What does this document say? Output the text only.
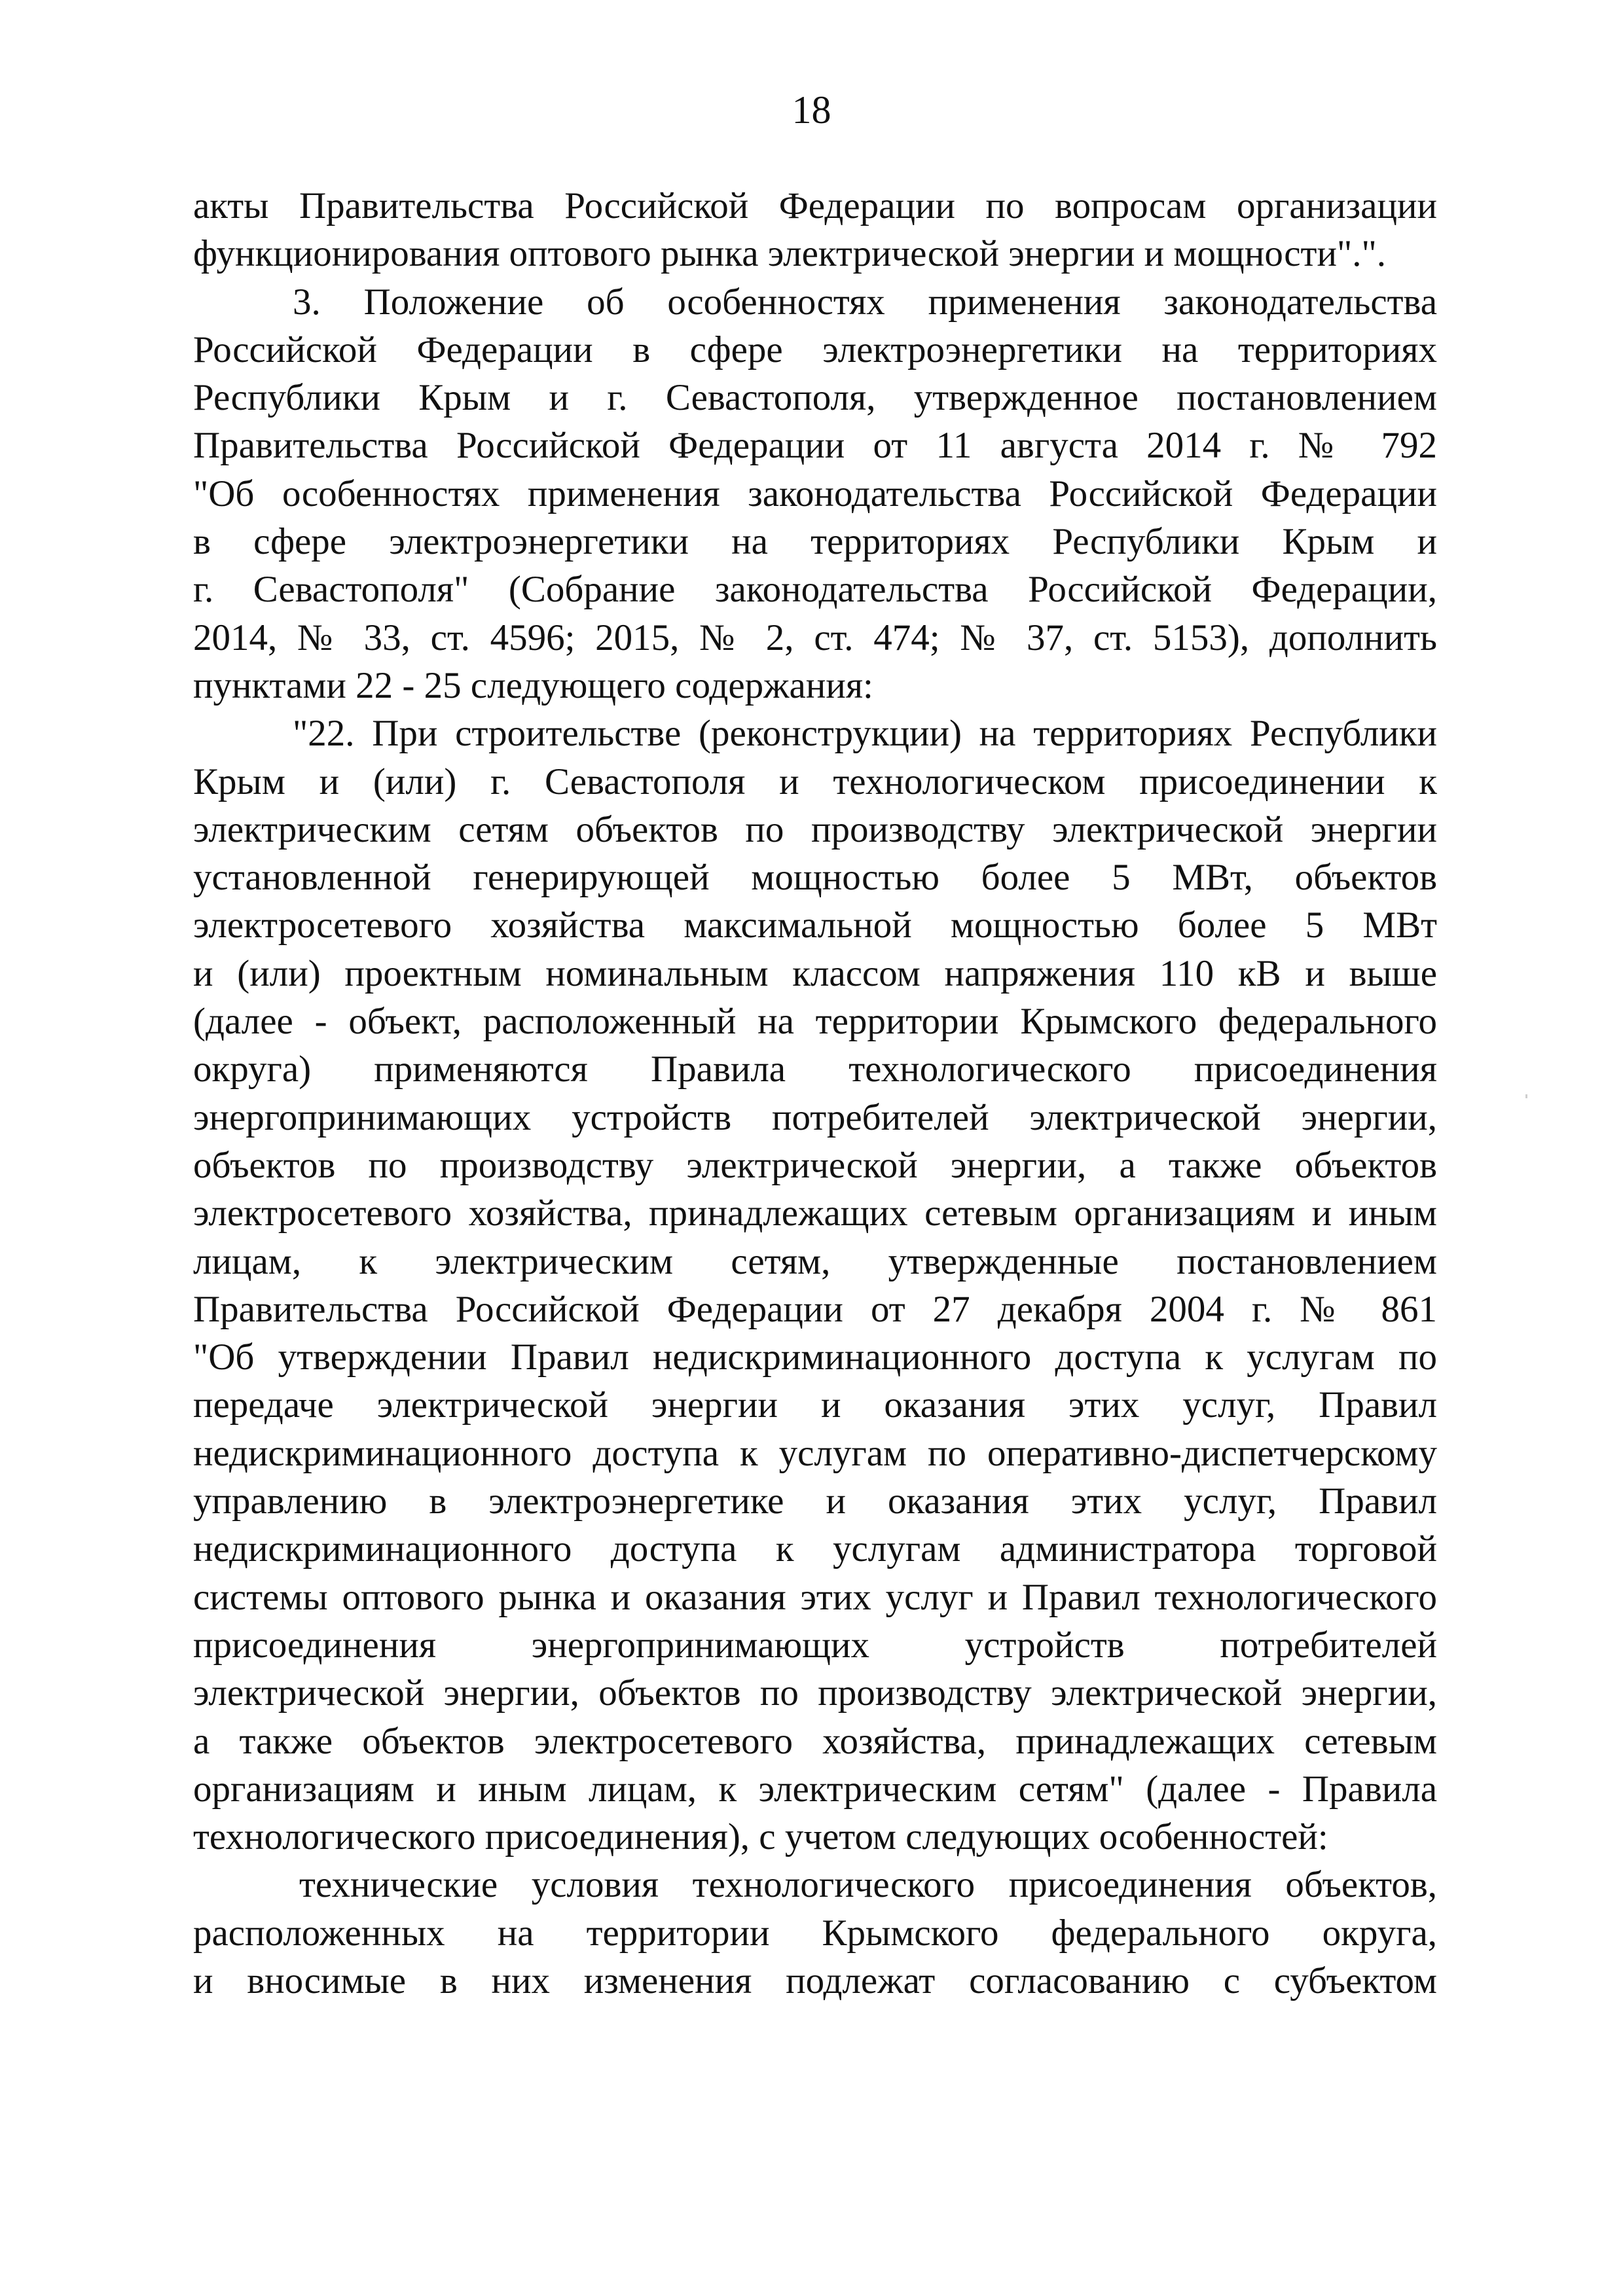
18
акты Правительства Российской Федерации по вопросам организации
функционирования оптового рынка электрической энергии и мощности".".
3. Положение об особенностях применения законодательства
Российской Федерации в сфере электроэнергетики на территориях
Республики Крым и г. Севастополя, утвержденное постановлением
Правительства Российской Федерации от 11 августа 2014 г. № 792
"Об особенностях применения законодательства Российской Федерации
в сфере электроэнергетики на территориях Республики Крым и
г. Севастополя" (Собрание законодательства Российской Федерации,
2014, № 33, ст. 4596; 2015, № 2, ст. 474; № 37, ст. 5153), дополнить
пунктами 22 - 25 следующего содержания:
"22. При строительстве (реконструкции) на территориях Республики
Крым и (или) г. Севастополя и технологическом присоединении к
электрическим сетям объектов по производству электрической энергии
установленной генерирующей мощностью более 5 МВт, объектов
электросетевого хозяйства максимальной мощностью более 5 МВт
и (или) проектным номинальным классом напряжения 110 кВ и выше
(далее - объект, расположенный на территории Крымского федерального
округа) применяются Правила технологического присоединения
энергопринимающих устройств потребителей электрической энергии,
объектов по производству электрической энергии, а также объектов
электросетевого хозяйства, принадлежащих сетевым организациям и иным
лицам, к электрическим сетям, утвержденные постановлением
Правительства Российской Федерации от 27 декабря 2004 г. № 861
"Об утверждении Правил недискриминационного доступа к услугам по
передаче электрической энергии и оказания этих услуг, Правил
недискриминационного доступа к услугам по оперативно-диспетчерскому
управлению в электроэнергетике и оказания этих услуг, Правил
недискриминационного доступа к услугам администратора торговой
системы оптового рынка и оказания этих услуг и Правил технологического
присоединения энергопринимающих устройств потребителей
электрической энергии, объектов по производству электрической энергии,
а также объектов электросетевого хозяйства, принадлежащих сетевым
организациям и иным лицам, к электрическим сетям" (далее - Правила
технологического присоединения), с учетом следующих особенностей:
технические условия технологического присоединения объектов,
расположенных на территории Крымского федерального округа,
и вносимые в них изменения подлежат согласованию с субъектом
